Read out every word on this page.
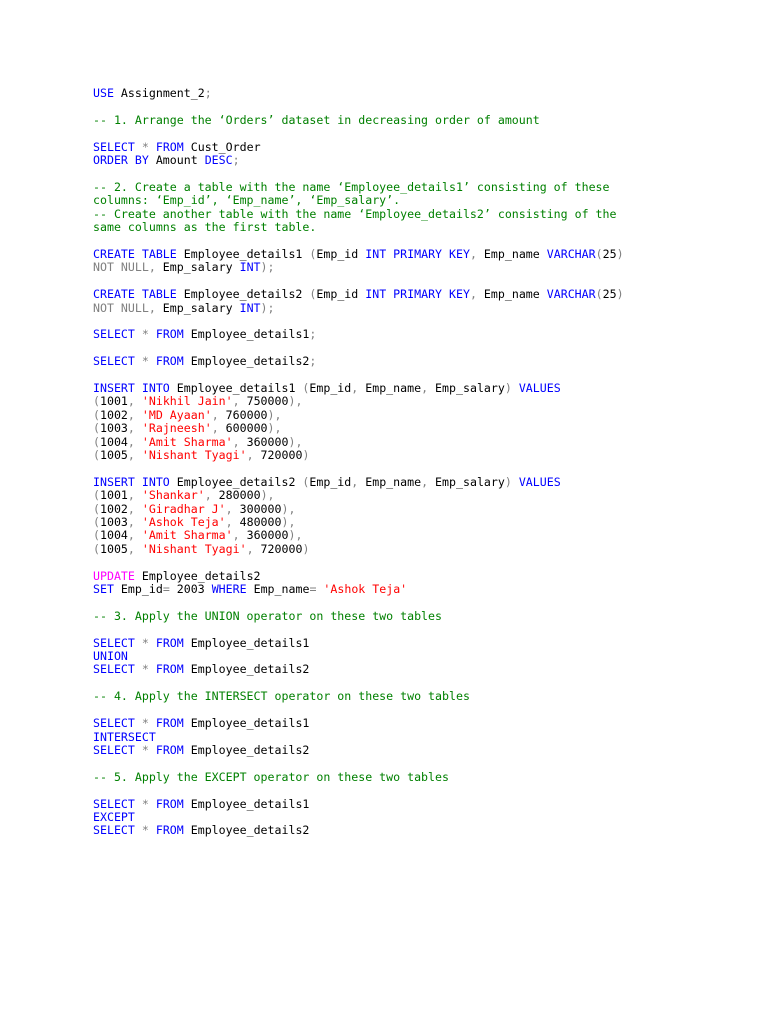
USE Assignment_2;
-- 1. Arrange the ‘Orders’ dataset in decreasing order of amount
SELECT * FROM Cust_Order
ORDER BY Amount DESC;
-- 2. Create a table with the name ‘Employee_details1’ consisting of these
columns: ‘Emp_id’, ‘Emp_name’, ‘Emp_salary’.
-- Create another table with the name ‘Employee_details2’ consisting of the
same columns as the first table.
CREATE TABLE Employee_details1 (Emp_id INT PRIMARY KEY, Emp_name VARCHAR(25)
NOT NULL, Emp_salary INT);
CREATE TABLE Employee_details2 (Emp_id INT PRIMARY KEY, Emp_name VARCHAR(25)
NOT NULL, Emp_salary INT);
SELECT * FROM Employee_details1;
SELECT * FROM Employee_details2;
INSERT INTO Employee_details1 (Emp_id, Emp_name, Emp_salary) VALUES
(1001, 'Nikhil Jain', 750000),
(1002, 'MD Ayaan', 760000),
(1003, 'Rajneesh', 600000),
(1004, 'Amit Sharma', 360000),
(1005, 'Nishant Tyagi', 720000)
INSERT INTO Employee_details2 (Emp_id, Emp_name, Emp_salary) VALUES
(1001, 'Shankar', 280000),
(1002, 'Giradhar J', 300000),
(1003, 'Ashok Teja', 480000),
(1004, 'Amit Sharma', 360000),
(1005, 'Nishant Tyagi', 720000)
UPDATE Employee_details2
SET Emp_id= 2003 WHERE Emp_name= 'Ashok Teja'
-- 3. Apply the UNION operator on these two tables
SELECT * FROM Employee_details1
UNION
SELECT * FROM Employee_details2
-- 4. Apply the INTERSECT operator on these two tables
SELECT * FROM Employee_details1
INTERSECT
SELECT * FROM Employee_details2
-- 5. Apply the EXCEPT operator on these two tables
SELECT * FROM Employee_details1
EXCEPT
SELECT * FROM Employee_details2
